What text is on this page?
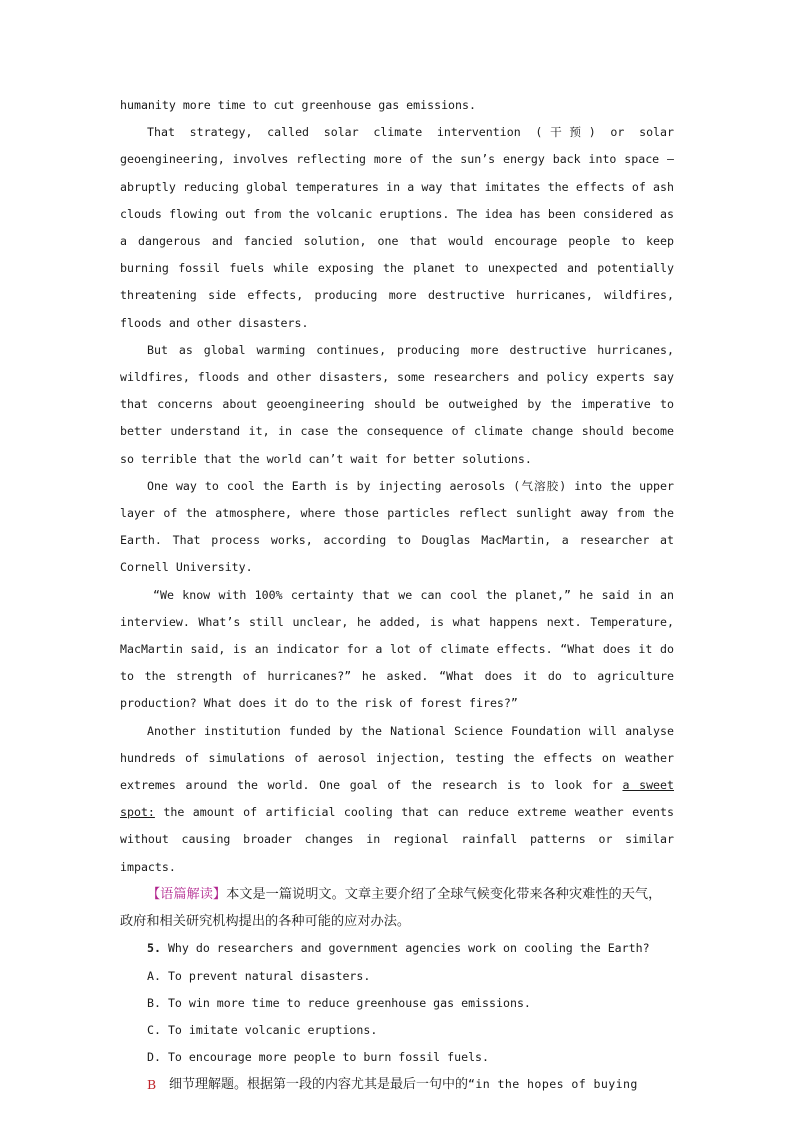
humanity more time to cut greenhouse gas emissions.

That strategy, called solar climate intervention (干预) or solar geoengineering, involves reflecting more of the sun’s energy back into space — abruptly reducing global temperatures in a way that imitates the effects of ash clouds flowing out from the volcanic eruptions. The idea has been considered as a dangerous and fancied solution, one that would encourage people to keep burning fossil fuels while exposing the planet to unexpected and potentially threatening side effects, producing more destructive hurricanes, wildfires, floods and other disasters.

But as global warming continues, producing more destructive hurricanes, wildfires, floods and other disasters, some researchers and policy experts say that concerns about geoengineering should be outweighed by the imperative to better understand it, in case the consequence of climate change should become so terrible that the world can’t wait for better solutions.

One way to cool the Earth is by injecting aerosols (气溶胶) into the upper layer of the atmosphere, where those particles reflect sunlight away from the Earth. That process works, according to Douglas MacMartin, a researcher at Cornell University.

“We know with 100% certainty that we can cool the planet,” he said in an interview. What’s still unclear, he added, is what happens next. Temperature, MacMartin said, is an indicator for a lot of climate effects. “What does it do to the strength of hurricanes?” he asked. “What does it do to agriculture production? What does it do to the risk of forest fires?”

Another institution funded by the National Science Foundation will analyse hundreds of simulations of aerosol injection, testing the effects on weather extremes around the world. One goal of the research is to look for a sweet spot: the amount of artificial cooling that can reduce extreme weather events without causing broader changes in regional rainfall patterns or similar impacts.

【语篇解读】本文是一篇说明文。文章主要介绍了全球气候变化带来各种灾难性的天气，政府和相关研究机构提出的各种可能的应对办法。

5. Why do researchers and government agencies work on cooling the Earth?

A. To prevent natural disasters.

B. To win more time to reduce greenhouse gas emissions.

C. To imitate volcanic eruptions.

D. To encourage more people to burn fossil fuels.

B 细节理解题。根据第一段的内容尤其是最后一句中的 “in the hopes of buying
